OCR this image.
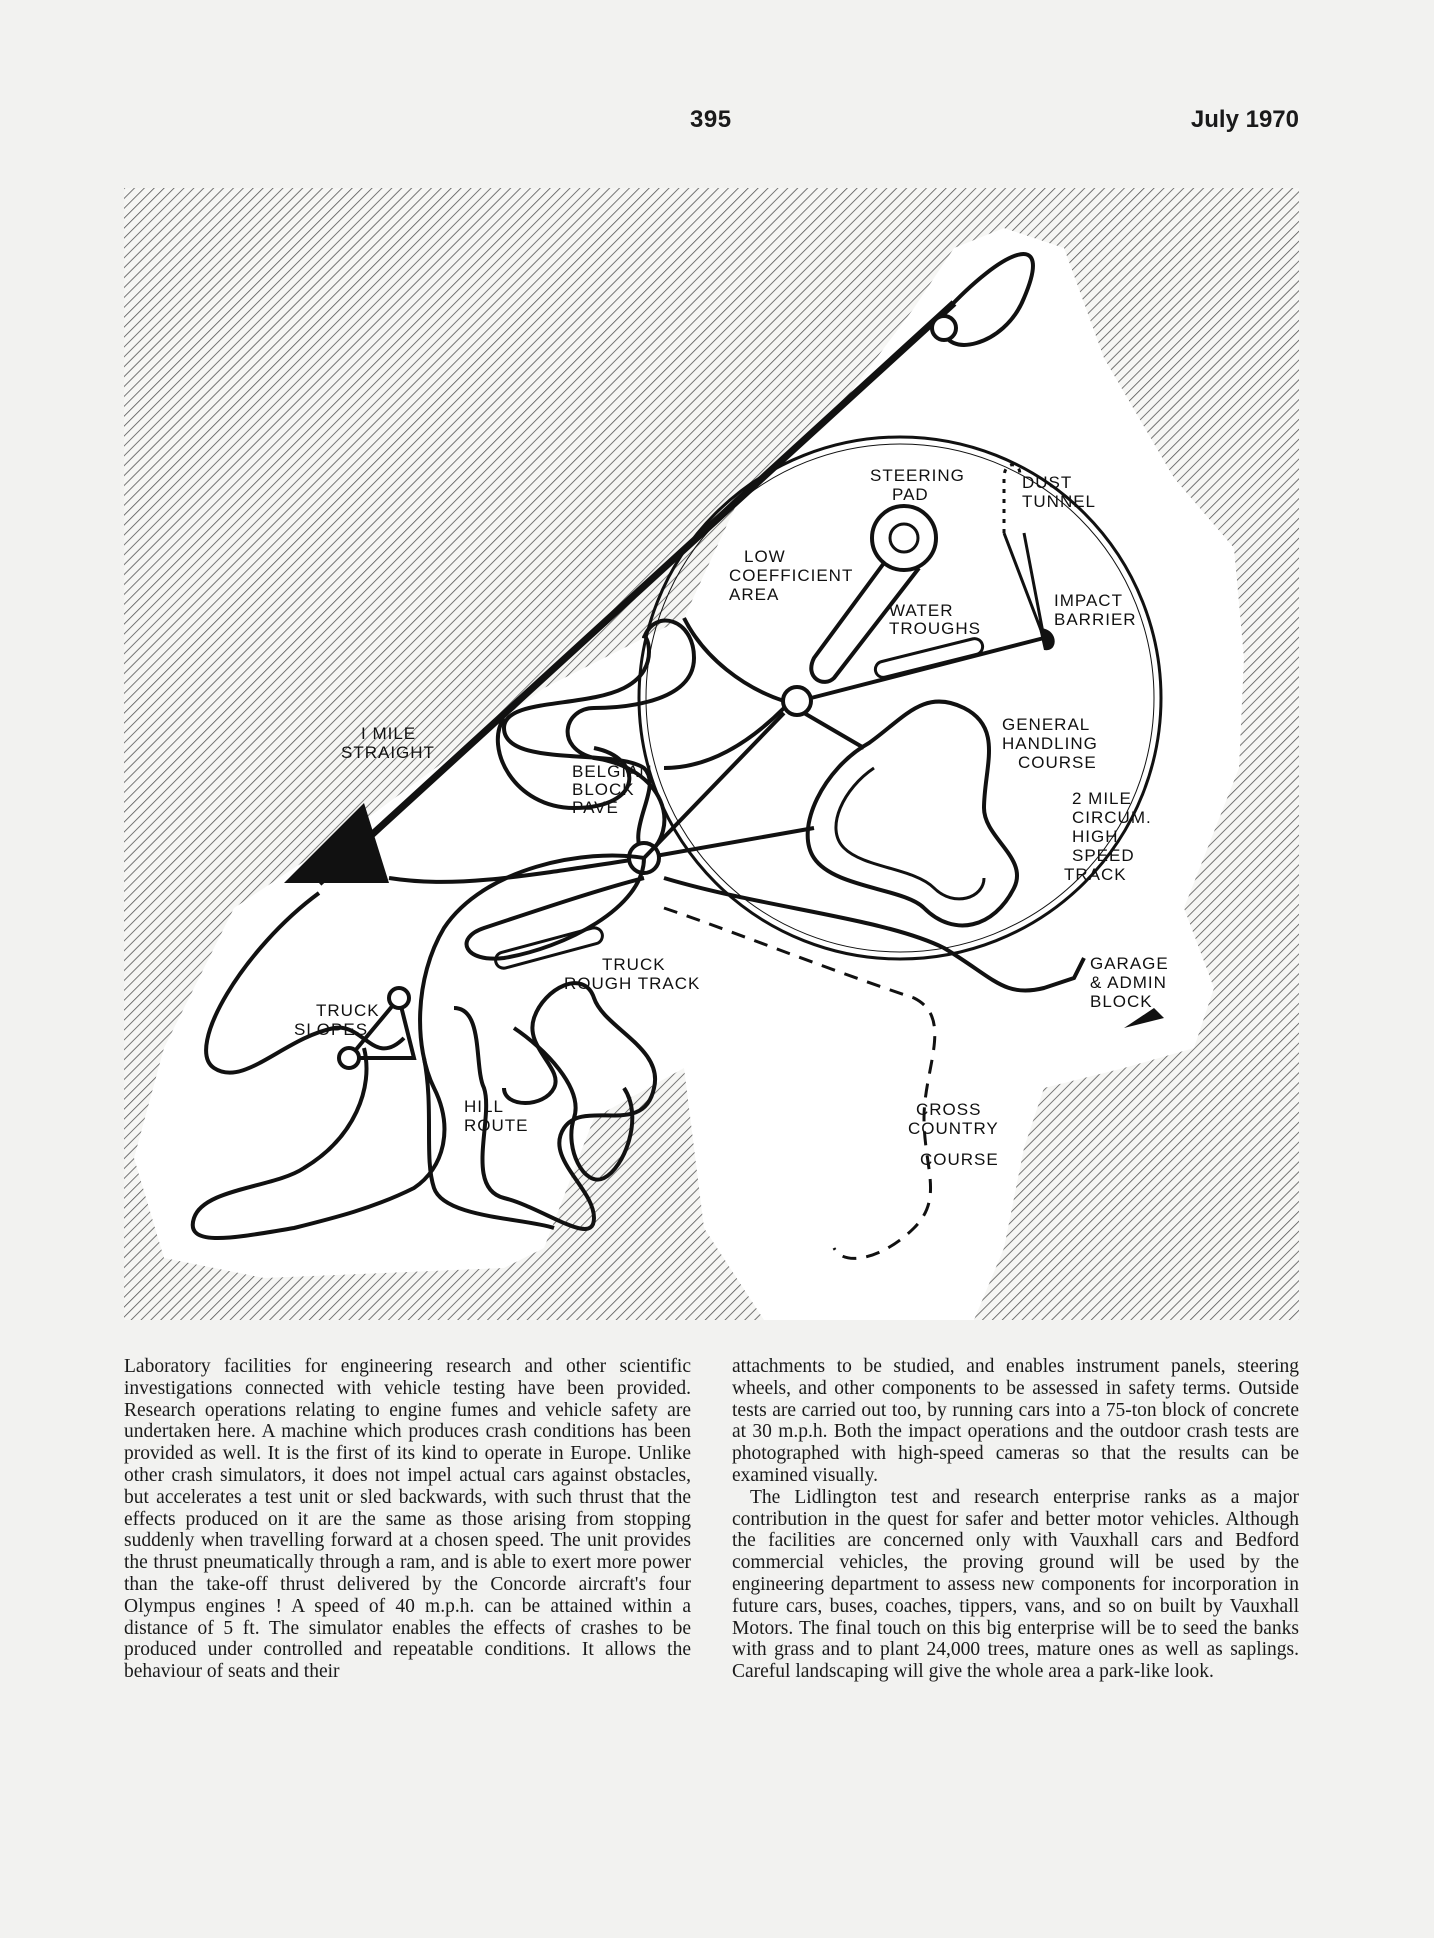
395	July 1970
STEERING
PAD
DUST
TUNNEL
LOW
COEFFICIENT
AREA
WATER
TROUGHS
IMPACT
BARRIER
I MILE
STRAIGHT
BELGIAN
BLOCK
PAVE
GENERAL
HANDLING
COURSE
2 MILE
CIRCUM.
HIGH
SPEED
TRACK
TRUCK
ROUGH TRACK
GARAGE
& ADMIN
BLOCK
TRUCK
SLOPES
HILL
ROUTE
CROSS
COUNTRY
COURSE

Laboratory facilities for engineering research and other scientific investigations connected with vehicle testing have been provided. Research operations relating to engine fumes and vehicle safety are undertaken here. A machine which produces crash conditions has been provided as well. It is the first of its kind to operate in Europe. Unlike other crash simulators, it does not impel actual cars against obstacles, but accelerates a test unit or sled backwards, with such thrust that the effects produced on it are the same as those arising from stopping suddenly when travelling forward at a chosen speed. The unit provides the thrust pneumatically through a ram, and is able to exert more power than the take-off thrust delivered by the Concorde aircraft's four Olympus engines ! A speed of 40 m.p.h. can be attained within a distance of 5 ft. The simulator enables the effects of crashes to be produced under controlled and repeatable conditions. It allows the behaviour of seats and their

attachments to be studied, and enables instrument panels, steering wheels, and other components to be assessed in safety terms. Outside tests are carried out too, by running cars into a 75-ton block of concrete at 30 m.p.h. Both the impact operations and the outdoor crash tests are photographed with high-speed cameras so that the results can be examined visually.

The Lidlington test and research enterprise ranks as a major contribution in the quest for safer and better motor vehicles. Although the facilities are concerned only with Vauxhall cars and Bedford commercial vehicles, the proving ground will be used by the engineering department to assess new components for incorporation in future cars, buses, coaches, tippers, vans, and so on built by Vauxhall Motors. The final touch on this big enterprise will be to seed the banks with grass and to plant 24,000 trees, mature ones as well as saplings. Careful landscaping will give the whole area a park-like look.
